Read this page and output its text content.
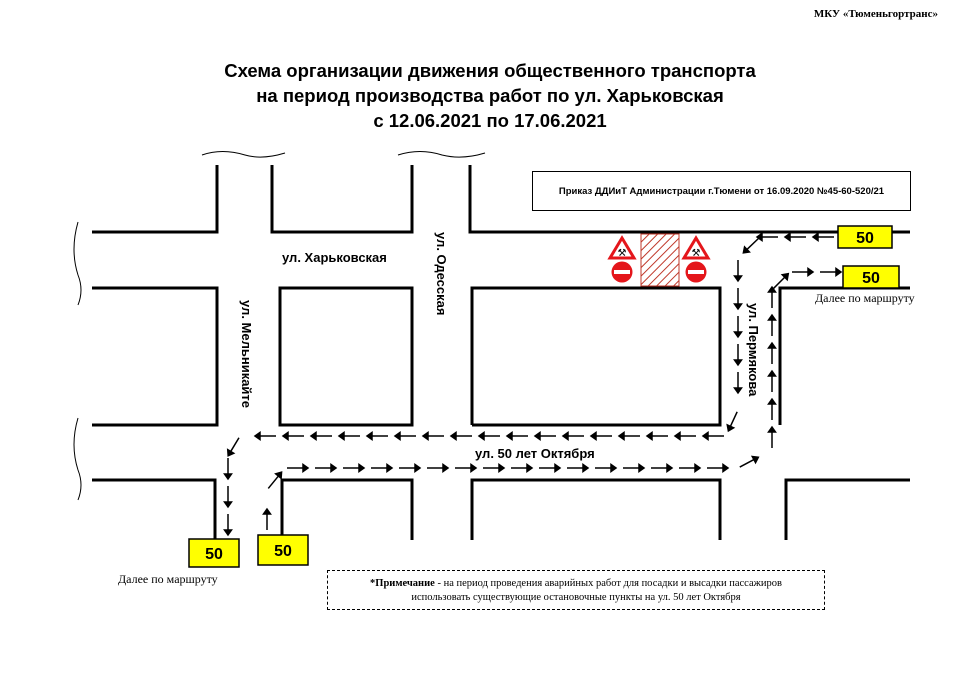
МКУ «Тюменьгортранс»
Схема организации движения общественного транспорта
на период производства работ по ул. Харьковская
с 12.06.2021 по 17.06.2021
Приказ ДДИиТ Администрации г.Тюмени от 16.09.2020 №45-60-520/21
⚒	⚒
ул. Харьковская	ул. Одесская
ул. Мельникайте	ул. Пермякова
ул. 50 лет Октября
50
50
50	50
Далее по маршруту
Далее по маршруту	*Примечание - на период проведения аварийных работ для посадки и высадки пассажиров
использовать существующие остановочные пункты на ул. 50 лет Октября
